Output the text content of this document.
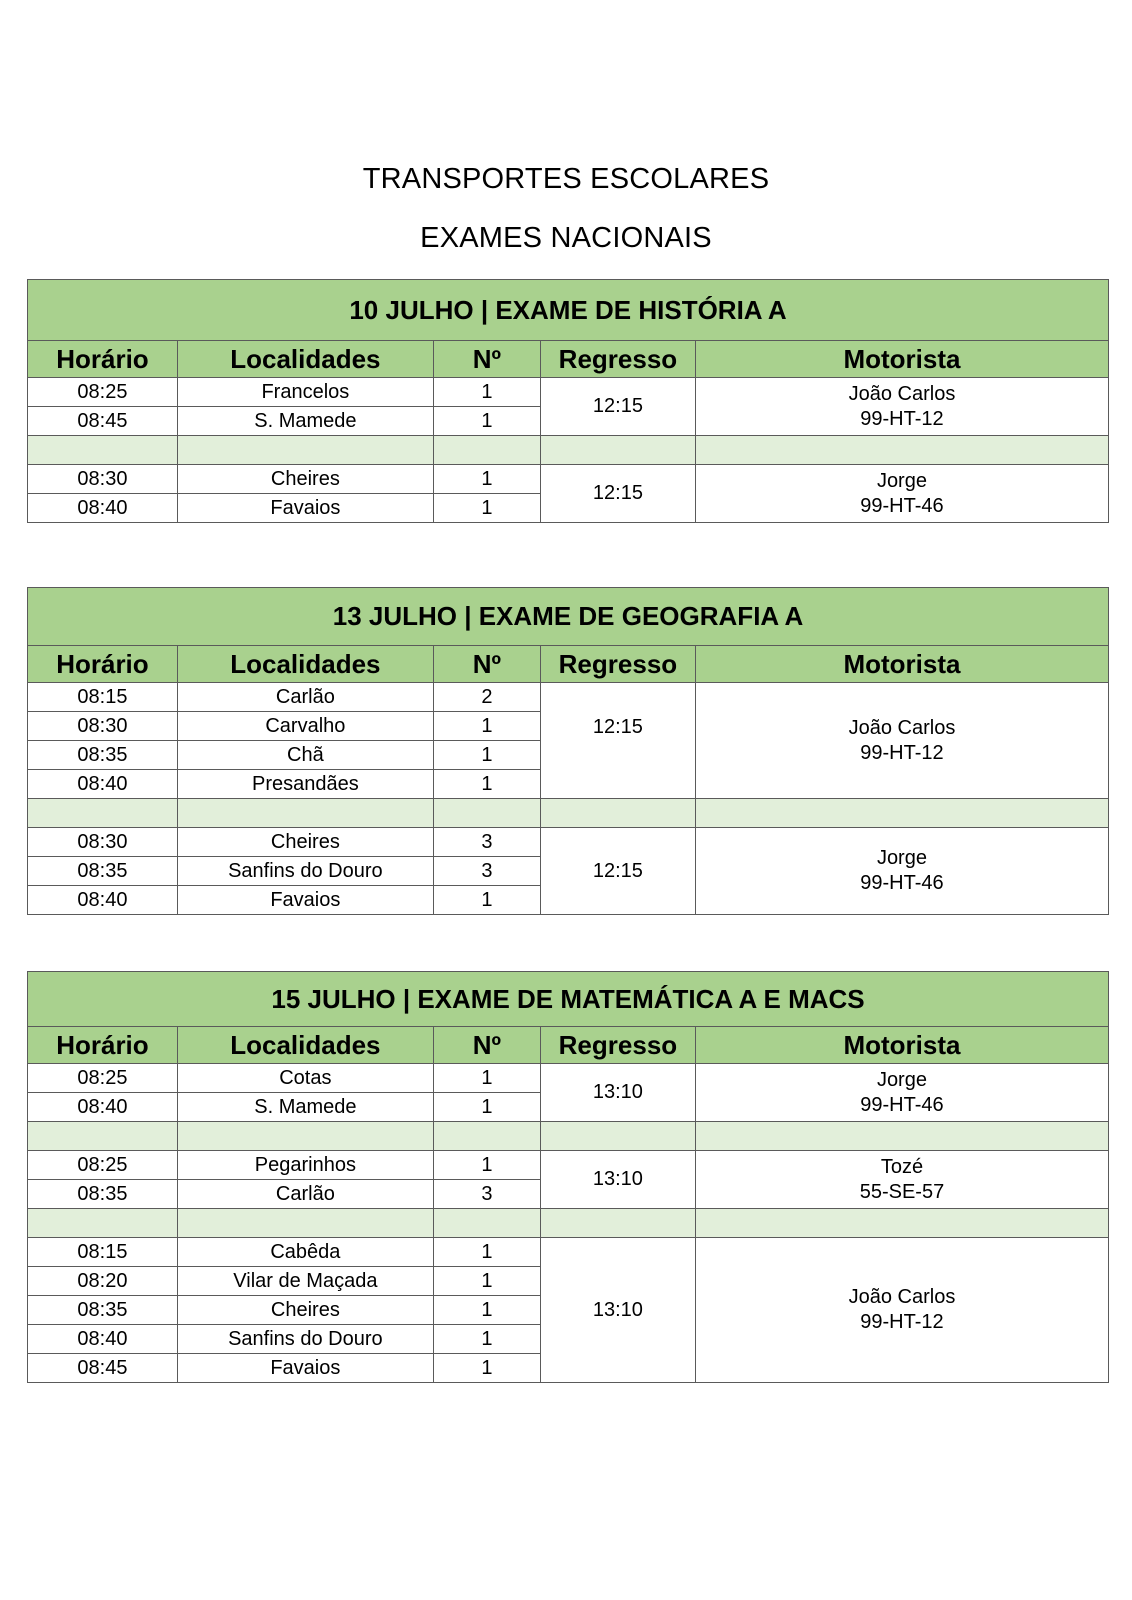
TRANSPORTES ESCOLARES
EXAMES NACIONAIS
10 JULHO | EXAME DE HISTÓRIA A				
Horário	Localidades	Nº	Regresso	Motorista
08:25	Francelos	1	12:15	João Carlos
99-HT-12

08:45	S. Mamede	1		

08:30	Cheires	1	12:15	Jorge
99-HT-46

08:40	Favaios	1		
13 JULHO | EXAME DE GEOGRAFIA A				
Horário	Localidades	Nº	Regresso	Motorista
08:15	Carlão	2	12:15	João Carlos
99-HT-12

08:30	Carvalho	1		
08:35	Chã	1		
08:40	Presandães	1		

08:30	Cheires	3	12:15	Jorge
99-HT-46

08:35	Sanfins do Douro	3		
08:40	Favaios	1		
15 JULHO | EXAME DE MATEMÁTICA A E MACS				
Horário	Localidades	Nº	Regresso	Motorista
08:25	Cotas	1	13:10	Jorge
99-HT-46

08:40	S. Mamede	1		

08:25	Pegarinhos	1	13:10	Tozé
55-SE-57

08:35	Carlão	3		

08:15	Cabêda	1	13:10	João Carlos
99-HT-12

08:20	Vilar de Maçada	1		
08:35	Cheires	1		
08:40	Sanfins do Douro	1		
08:45	Favaios	1		
